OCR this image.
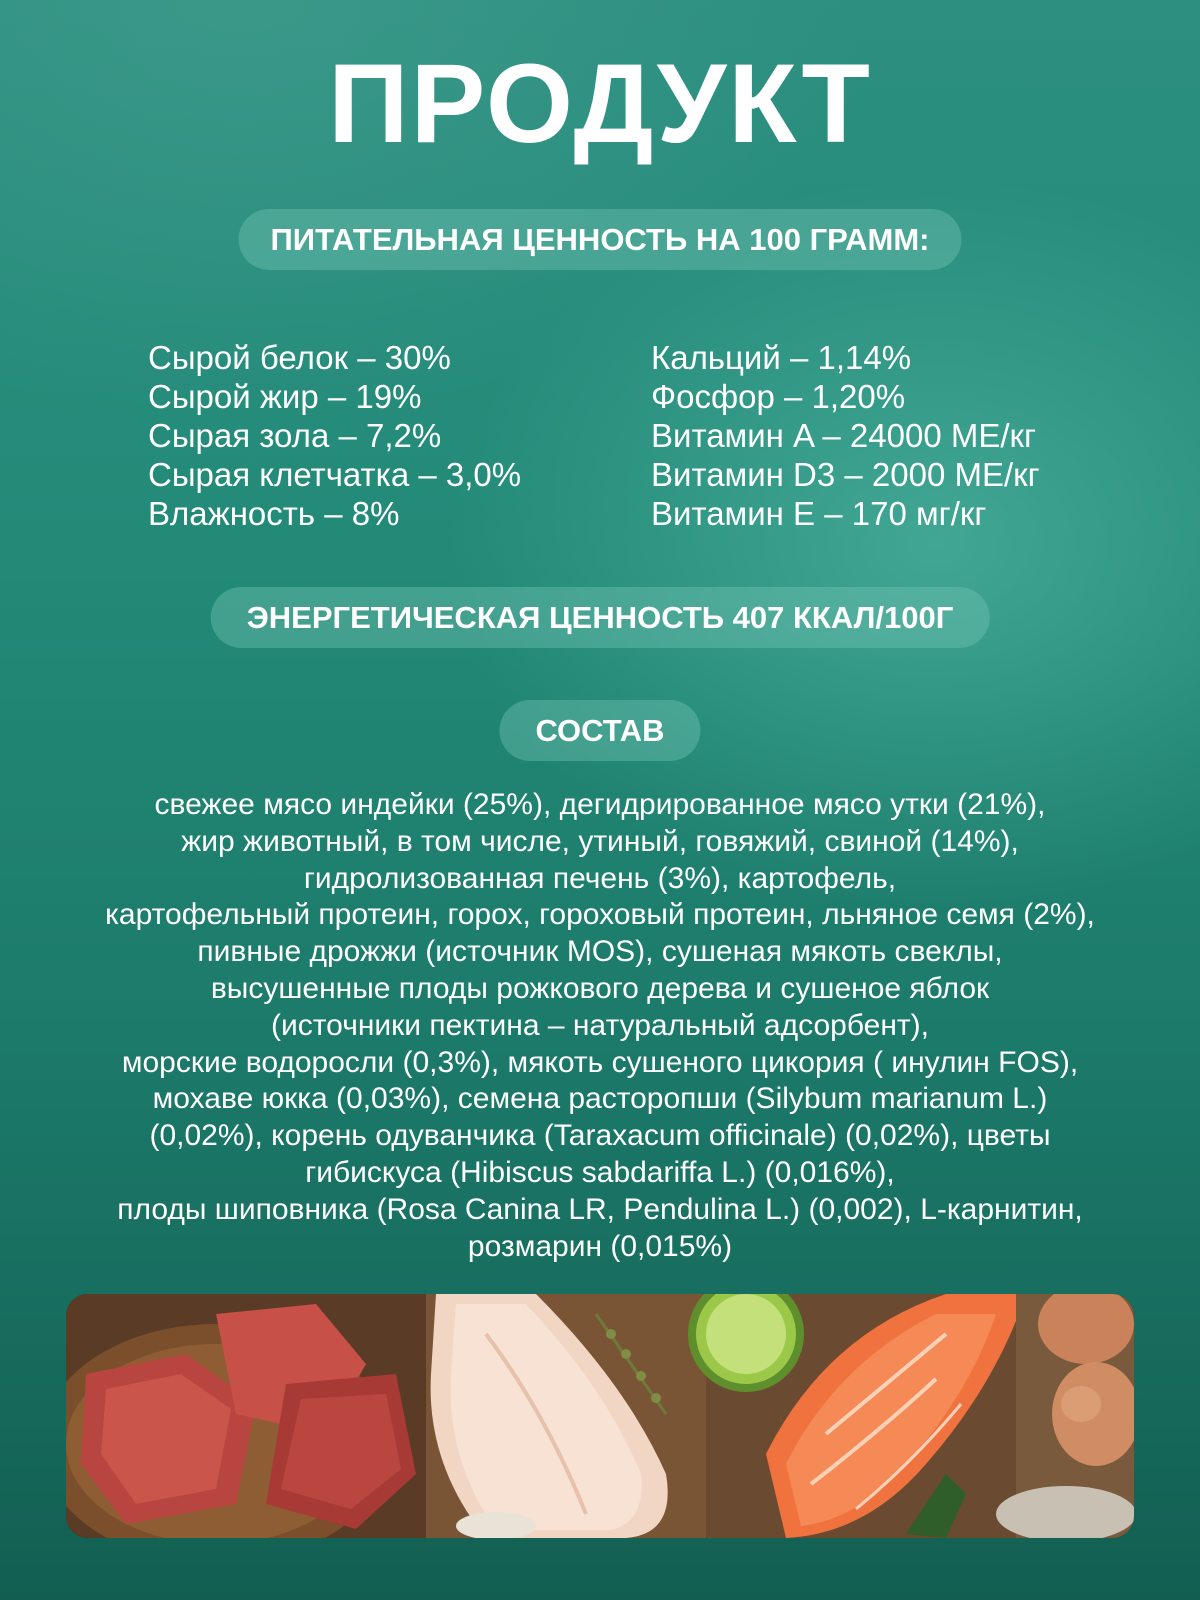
ПРОДУКТ
ПИТАТЕЛЬНАЯ ЦЕННОСТЬ НА 100 ГРАММ:
Сырой белок – 30%
Сырой жир – 19%
Сырая зола – 7,2%
Сырая клетчатка – 3,0%
Влажность – 8%
Кальций – 1,14%
Фосфор – 1,20%
Витамин A – 24000 МЕ/кг
Витамин D3 – 2000 МЕ/кг
Витамин Е – 170 мг/кг
ЭНЕРГЕТИЧЕСКАЯ ЦЕННОСТЬ 407 ККАЛ/100Г
СОСТАВ
свежее мясо индейки (25%), дегидрированное мясо утки (21%),
жир животный, в том числе, утиный, говяжий, свиной (14%),
гидролизованная печень (3%), картофель,
картофельный протеин, горох, гороховый протеин, льняное семя (2%),
пивные дрожжи (источник MOS), сушеная мякоть свеклы,
высушенные плоды рожкового дерева и сушеное яблок
(источники пектина – натуральный адсорбент),
морские водоросли (0,3%), мякоть сушеного цикория ( инулин FOS),
мохаве юкка (0,03%), семена расторопши (Silybum marianum L.)
(0,02%), корень одуванчика (Taraxacum officinale) (0,02%), цветы
гибискуса (Hibiscus sabdariffa L.) (0,016%),
плоды шиповника (Rosa Canina LR, Pendulina L.) (0,002), L-карнитин,
розмарин (0,015%)
